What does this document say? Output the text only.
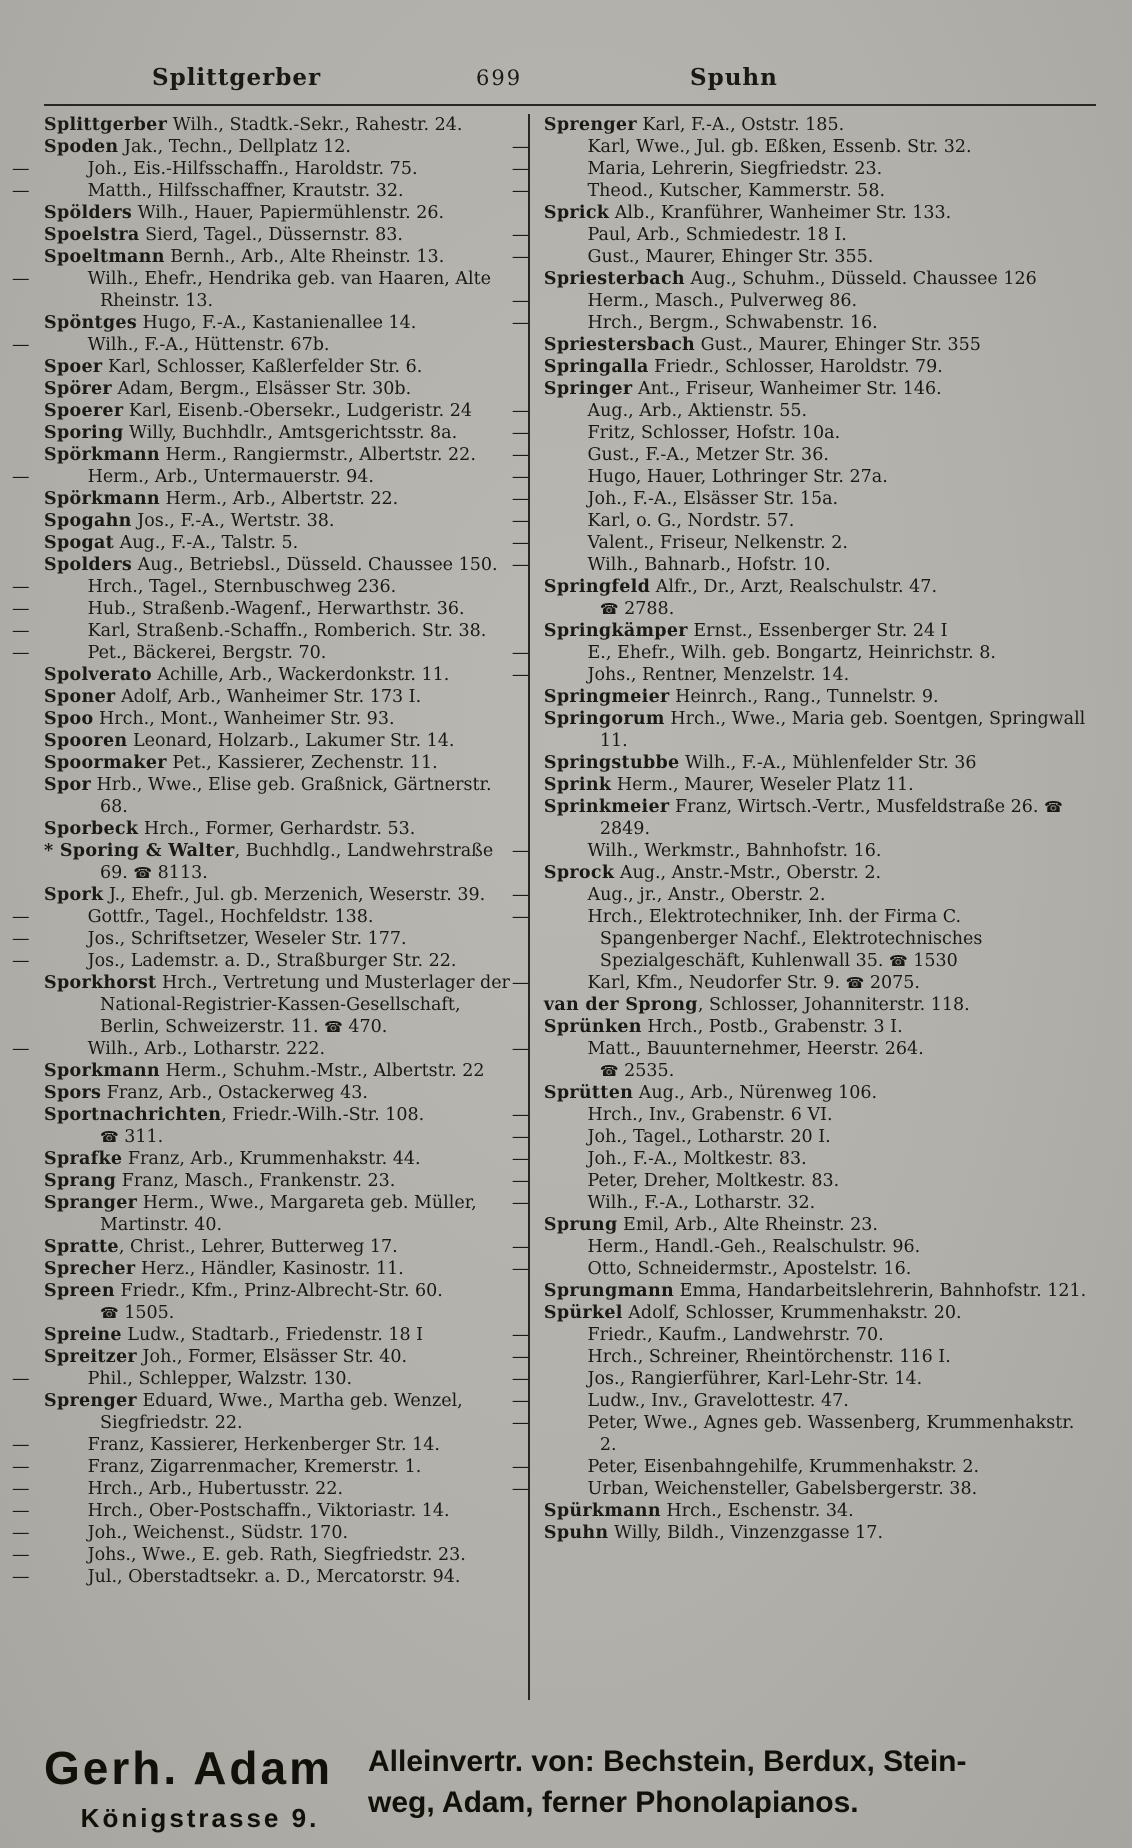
Splittgerber	699	Spuhn
Splittgerber Wilh., Stadtk.-Sekr., Rahestr. 24.
Spoden Jak., Techn., Dellplatz 12.
—	Joh., Eis.-Hilfsschaffn., Haroldstr. 75.
—	Matth., Hilfsschaffner, Krautstr. 32.
Spölders Wilh., Hauer, Papiermühlenstr. 26.
Spoelstra Sierd, Tagel., Düssernstr. 83.
Spoeltmann Bernh., Arb., Alte Rheinstr. 13.
—	Wilh., Ehefr., Hendrika geb. van Haaren, Alte Rheinstr. 13.
Spöntges Hugo, F.-A., Kastanienallee 14.
—	Wilh., F.-A., Hüttenstr. 67b.
Spoer Karl, Schlosser, Kaßlerfelder Str. 6.
Spörer Adam, Bergm., Elsässer Str. 30b.
Spoerer Karl, Eisenb.-Obersekr., Ludgeristr. 24
Sporing Willy, Buchhdlr., Amtsgerichtsstr. 8a.
Spörkmann Herm., Rangiermstr., Albertstr. 22.
—	Herm., Arb., Untermauerstr. 94.
Spörkmann Herm., Arb., Albertstr. 22.
Spogahn Jos., F.-A., Wertstr. 38.
Spogat Aug., F.-A., Talstr. 5.
Spolders Aug., Betriebsl., Düsseld. Chaussee 150.
—	Hrch., Tagel., Sternbuschweg 236.
—	Hub., Straßenb.-Wagenf., Herwarthstr. 36.
—	Karl, Straßenb.-Schaffn., Romberich. Str. 38.
—	Pet., Bäckerei, Bergstr. 70.
Spolverato Achille, Arb., Wackerdonkstr. 11.
Sponer Adolf, Arb., Wanheimer Str. 173 I.
Spoo Hrch., Mont., Wanheimer Str. 93.
Spooren Leonard, Holzarb., Lakumer Str. 14.
Spoormaker Pet., Kassierer, Zechenstr. 11.
Spor Hrb., Wwe., Elise geb. Graßnick, Gärtnerstr. 68.
Sporbeck Hrch., Former, Gerhardstr. 53.
* Sporing & Walter, Buchhdlg., Landwehrstraße 69. ☎ 8113.
Spork J., Ehefr., Jul. gb. Merzenich, Weserstr. 39.
—	Gottfr., Tagel., Hochfeldstr. 138.
—	Jos., Schriftsetzer, Weseler Str. 177.
—	Jos., Lademstr. a. D., Straßburger Str. 22.
Sporkhorst Hrch., Vertretung und Musterlager der National-Registrier-Kassen-Gesellschaft, Berlin, Schweizerstr. 11. ☎ 470.
—	Wilh., Arb., Lotharstr. 222.
Sporkmann Herm., Schuhm.-Mstr., Albertstr. 22
Spors Franz, Arb., Ostackerweg 43.
Sportnachrichten, Friedr.-Wilh.-Str. 108.
☎ 311.
Sprafke Franz, Arb., Krummenhakstr. 44.
Sprang Franz, Masch., Frankenstr. 23.
Spranger Herm., Wwe., Margareta geb. Müller, Martinstr. 40.
Spratte, Christ., Lehrer, Butterweg 17.
Sprecher Herz., Händler, Kasinostr. 11.
Spreen Friedr., Kfm., Prinz-Albrecht-Str. 60.
☎ 1505.
Spreine Ludw., Stadtarb., Friedenstr. 18 I
Spreitzer Joh., Former, Elsässer Str. 40.
—	Phil., Schlepper, Walzstr. 130.
Sprenger Eduard, Wwe., Martha geb. Wenzel, Siegfriedstr. 22.
—	Franz, Kassierer, Herkenberger Str. 14.
—	Franz, Zigarrenmacher, Kremerstr. 1.
—	Hrch., Arb., Hubertusstr. 22.
—	Hrch., Ober-Postschaffn., Viktoriastr. 14.
—	Joh., Weichenst., Südstr. 170.
—	Johs., Wwe., E. geb. Rath, Siegfriedstr. 23.
—	Jul., Oberstadtsekr. a. D., Mercatorstr. 94.
Sprenger Karl, F.-A., Oststr. 185.
—	Karl, Wwe., Jul. gb. Eßken, Essenb. Str. 32.
—	Maria, Lehrerin, Siegfriedstr. 23.
—	Theod., Kutscher, Kammerstr. 58.
Sprick Alb., Kranführer, Wanheimer Str. 133.
—	Paul, Arb., Schmiedestr. 18 I.
—	Gust., Maurer, Ehinger Str. 355.
Spriesterbach Aug., Schuhm., Düsseld. Chaussee 126
—	Herm., Masch., Pulverweg 86.
—	Hrch., Bergm., Schwabenstr. 16.
Spriestersbach Gust., Maurer, Ehinger Str. 355
Springalla Friedr., Schlosser, Haroldstr. 79.
Springer Ant., Friseur, Wanheimer Str. 146.
—	Aug., Arb., Aktienstr. 55.
—	Fritz, Schlosser, Hofstr. 10a.
—	Gust., F.-A., Metzer Str. 36.
—	Hugo, Hauer, Lothringer Str. 27a.
—	Joh., F.-A., Elsässer Str. 15a.
—	Karl, o. G., Nordstr. 57.
—	Valent., Friseur, Nelkenstr. 2.
—	Wilh., Bahnarb., Hofstr. 10.
Springfeld Alfr., Dr., Arzt, Realschulstr. 47.
☎ 2788.
Springkämper Ernst., Essenberger Str. 24 I
—	E., Ehefr., Wilh. geb. Bongartz, Heinrichstr. 8.
—	Johs., Rentner, Menzelstr. 14.
Springmeier Heinrch., Rang., Tunnelstr. 9.
Springorum Hrch., Wwe., Maria geb. Soentgen, Springwall 11.
Springstubbe Wilh., F.-A., Mühlenfelder Str. 36
Sprink Herm., Maurer, Weseler Platz 11.
Sprinkmeier Franz, Wirtsch.-Vertr., Musfeldstraße 26. ☎ 2849.
—	Wilh., Werkmstr., Bahnhofstr. 16.
Sprock Aug., Anstr.-Mstr., Oberstr. 2.
—	Aug., jr., Anstr., Oberstr. 2.
—	Hrch., Elektrotechniker, Inh. der Firma C. Spangenberger Nachf., Elektrotechnisches Spezialgeschäft, Kuhlenwall 35. ☎ 1530
—	Karl, Kfm., Neudorfer Str. 9. ☎ 2075.
van der Sprong, Schlosser, Johanniterstr. 118.
Sprünken Hrch., Postb., Grabenstr. 3 I.
—	Matt., Bauunternehmer, Heerstr. 264.
☎ 2535.
Sprütten Aug., Arb., Nürenweg 106.
—	Hrch., Inv., Grabenstr. 6 VI.
—	Joh., Tagel., Lotharstr. 20 I.
—	Joh., F.-A., Moltkestr. 83.
—	Peter, Dreher, Moltkestr. 83.
—	Wilh., F.-A., Lotharstr. 32.
Sprung Emil, Arb., Alte Rheinstr. 23.
—	Herm., Handl.-Geh., Realschulstr. 96.
—	Otto, Schneidermstr., Apostelstr. 16.
Sprungmann Emma, Handarbeitslehrerin, Bahnhofstr. 121.
Spürkel Adolf, Schlosser, Krummenhakstr. 20.
—	Friedr., Kaufm., Landwehrstr. 70.
—	Hrch., Schreiner, Rheintörchenstr. 116 I.
—	Jos., Rangierführer, Karl-Lehr-Str. 14.
—	Ludw., Inv., Gravelottestr. 47.
—	Peter, Wwe., Agnes geb. Wassenberg, Krummenhakstr. 2.
—	Peter, Eisenbahngehilfe, Krummenhakstr. 2.
—	Urban, Weichensteller, Gabelsbergerstr. 38.
Spürkmann Hrch., Eschenstr. 34.
Spuhn Willy, Bildh., Vinzenzgasse 17.
Gerh. Adam
Königstrasse 9.
Alleinvertr. von: Bechstein, Berdux, Stein-
weg, Adam, ferner Phonolapianos.
